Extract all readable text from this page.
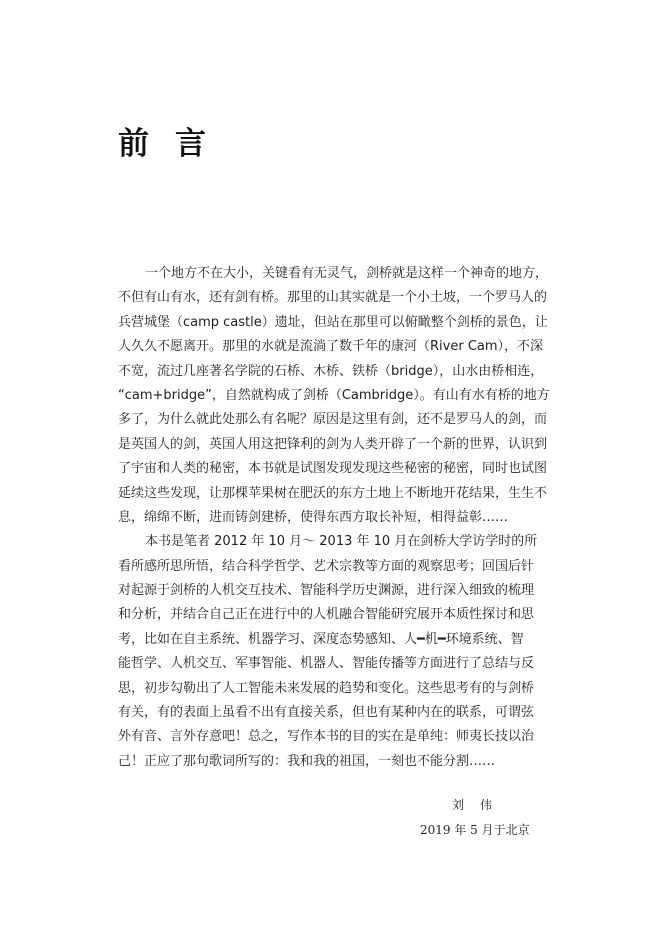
前 言
一个地方不在大小，关键看有无灵气，剑桥就是这样一个神奇的地方，
不但有山有水，还有剑有桥。那里的山其实就是一个小土坡，一个罗马人的
兵营城堡（camp castle）遗址，但站在那里可以俯瞰整个剑桥的景色，让
人久久不愿离开。那里的水就是流淌了数千年的康河（River Cam），不深
不宽，流过几座著名学院的石桥、木桥、铁桥（bridge），山水由桥相连，
“cam+bridge”，自然就构成了剑桥（Cambridge）。有山有水有桥的地方
多了，为什么就此处那么有名呢？原因是这里有剑，还不是罗马人的剑，而
是英国人的剑，英国人用这把锋利的剑为人类开辟了一个新的世界，认识到
了宇宙和人类的秘密，本书就是试图发现发现这些秘密的秘密，同时也试图
延续这些发现，让那棵苹果树在肥沃的东方土地上不断地开花结果，生生不
息，绵绵不断，进而铸剑建桥，使得东西方取长补短，相得益彰……
本书是笔者 2012 年 10 月～ 2013 年 10 月在剑桥大学访学时的所
看所感所思所悟，结合科学哲学、艺术宗教等方面的观察思考；回国后针
对起源于剑桥的人机交互技术、智能科学历史渊源，进行深入细致的梳理
和分析，并结合自己正在进行中的人机融合智能研究展开本质性探讨和思
考，比如在自主系统、机器学习、深度态势感知、人━机━环境系统、智
能哲学、人机交互、军事智能、机器人、智能传播等方面进行了总结与反
思，初步勾勒出了人工智能未来发展的趋势和变化。这些思考有的与剑桥
有关，有的表面上虽看不出有直接关系，但也有某种内在的联系，可谓弦
外有音、言外存意吧！总之，写作本书的目的实在是单纯：师夷长技以治
己！正应了那句歌词所写的：我和我的祖国，一刻也不能分割……
刘 伟
2019 年 5 月于北京
